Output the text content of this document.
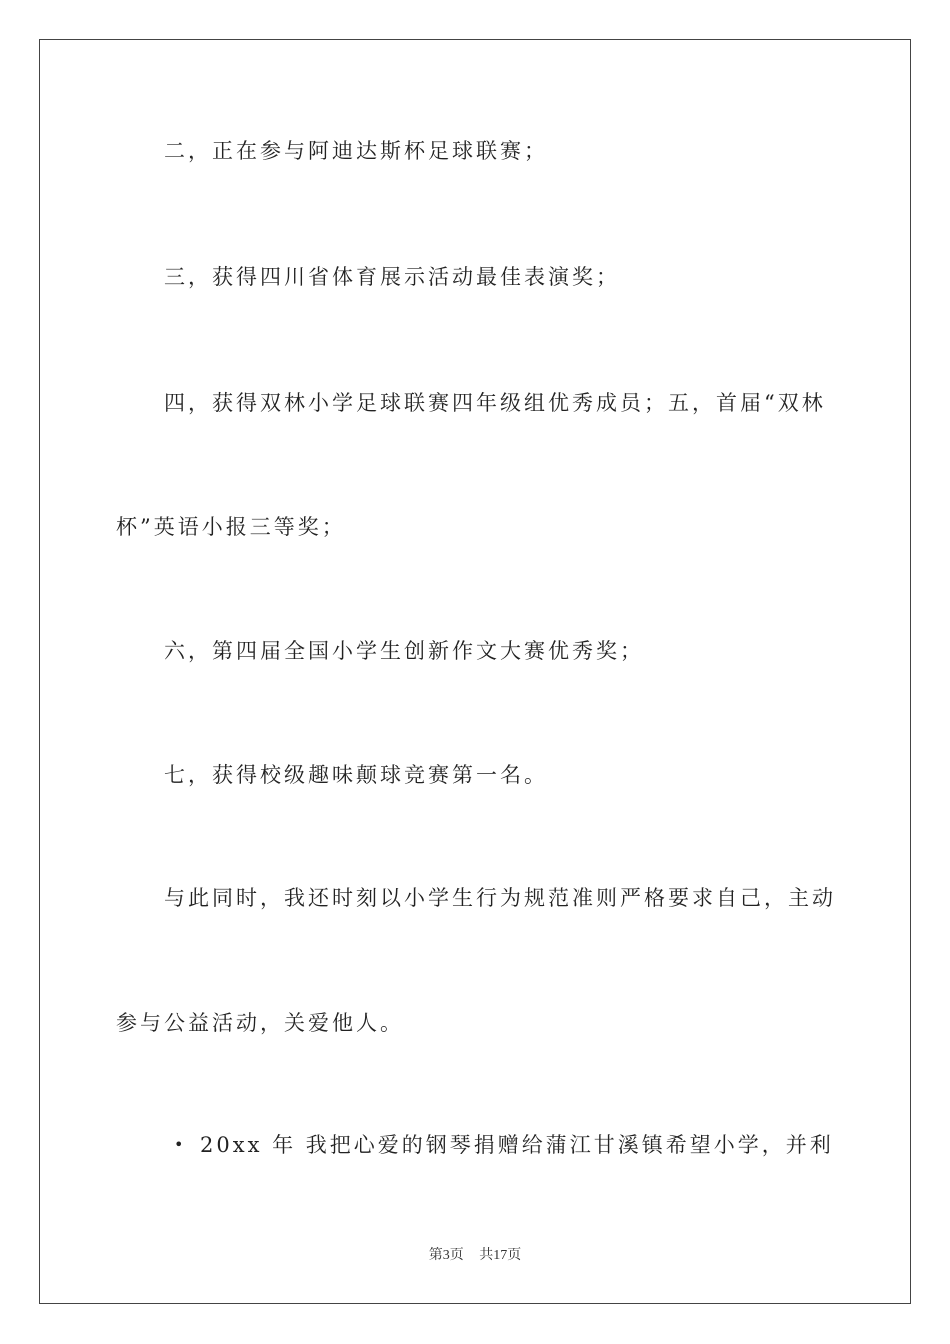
二，正在参与阿迪达斯杯足球联赛；
三，获得四川省体育展示活动最佳表演奖；
四，获得双林小学足球联赛四年级组优秀成员；五，首届“双林
杯”英语小报三等奖；
六，第四届全国小学生创新作文大赛优秀奖；
七，获得校级趣味颠球竞赛第一名。
与此同时，我还时刻以小学生行为规范准则严格要求自己，主动
参与公益活动，关爱他人。
• 20xx 年 我把心爱的钢琴捐赠给蒲江甘溪镇希望小学，并利
第3页 共17页
